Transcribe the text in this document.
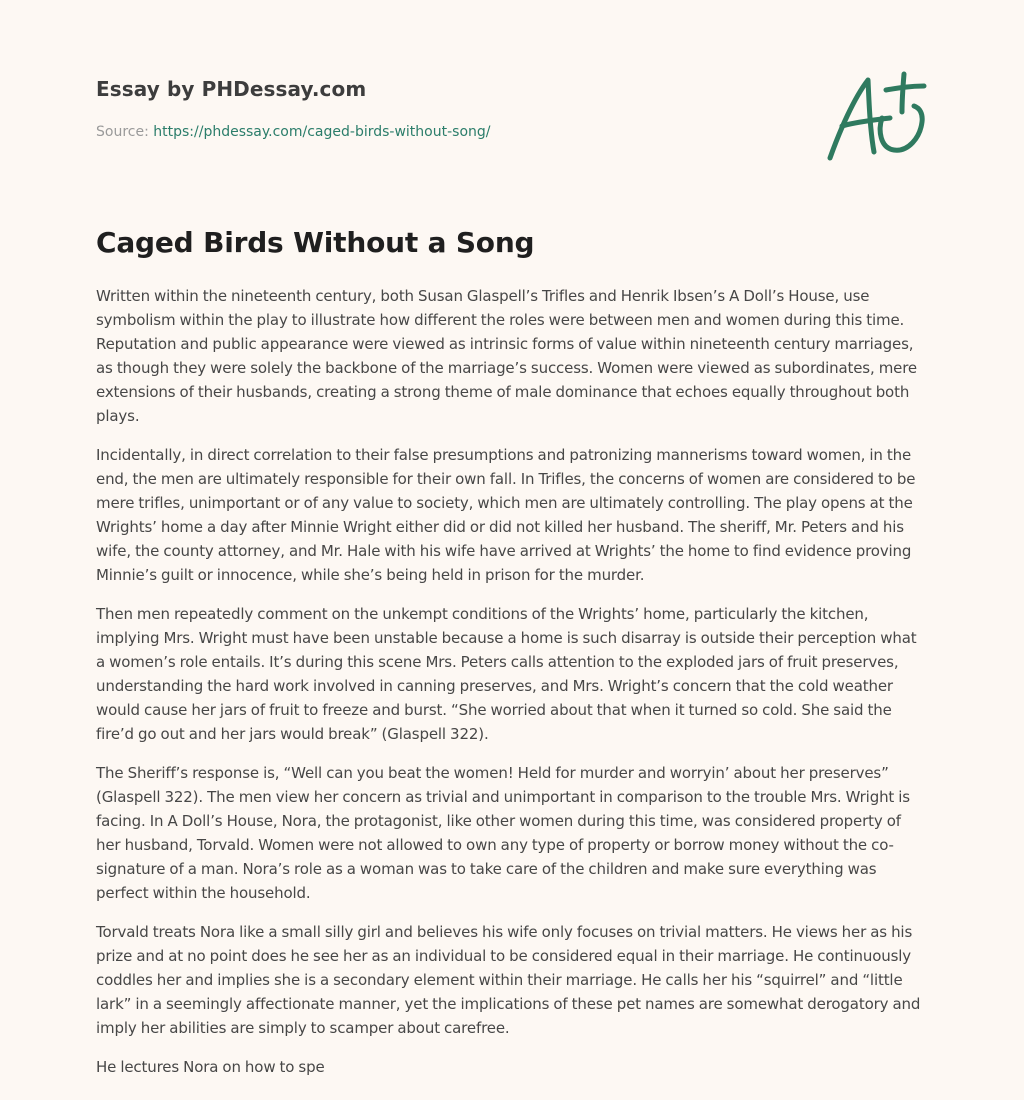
Essay by PHDessay.com
Source: https://phdessay.com/caged-birds-without-song/
Caged Birds Without a Song

Written within the nineteenth century, both Susan Glaspell’s Trifles and Henrik Ibsen’s A Doll’s House, use symbolism within the play to illustrate how different the roles were between men and women during this time. Reputation and public appearance were viewed as intrinsic forms of value within nineteenth century marriages, as though they were solely the backbone of the marriage’s success. Women were viewed as subordinates, mere extensions of their husbands, creating a strong theme of male dominance that echoes equally throughout both plays.

Incidentally, in direct correlation to their false presumptions and patronizing mannerisms toward women, in the end, the men are ultimately responsible for their own fall. In Trifles, the concerns of women are considered to be mere trifles, unimportant or of any value to society, which men are ultimately controlling. The play opens at the Wrights’ home a day after Minnie Wright either did or did not killed her husband. The sheriff, Mr. Peters and his wife, the county attorney, and Mr. Hale with his wife have arrived at Wrights’ the home to find evidence proving Minnie’s guilt or innocence, while she’s being held in prison for the murder.

Then men repeatedly comment on the unkempt conditions of the Wrights’ home, particularly the kitchen, implying Mrs. Wright must have been unstable because a home is such disarray is outside their perception what a women’s role entails. It’s during this scene Mrs. Peters calls attention to the exploded jars of fruit preserves, understanding the hard work involved in canning preserves, and Mrs. Wright’s concern that the cold weather would cause her jars of fruit to freeze and burst. “She worried about that when it turned so cold. She said the fire’d go out and her jars would break” (Glaspell 322).

The Sheriff’s response is, “Well can you beat the women! Held for murder and worryin’ about her preserves” (Glaspell 322). The men view her concern as trivial and unimportant in comparison to the trouble Mrs. Wright is facing. In A Doll’s House, Nora, the protagonist, like other women during this time, was considered property of her husband, Torvald. Women were not allowed to own any type of property or borrow money without the co-signature of a man. Nora’s role as a woman was to take care of the children and make sure everything was perfect within the household.

Torvald treats Nora like a small silly girl and believes his wife only focuses on trivial matters. He views her as his prize and at no point does he see her as an individual to be considered equal in their marriage. He continuously coddles her and implies she is a secondary element within their marriage. He calls her his “squirrel” and “little lark” in a seemingly affectionate manner, yet the implications of these pet names are somewhat derogatory and imply her abilities are simply to scamper about carefree.

He lectures Nora on how to spe
